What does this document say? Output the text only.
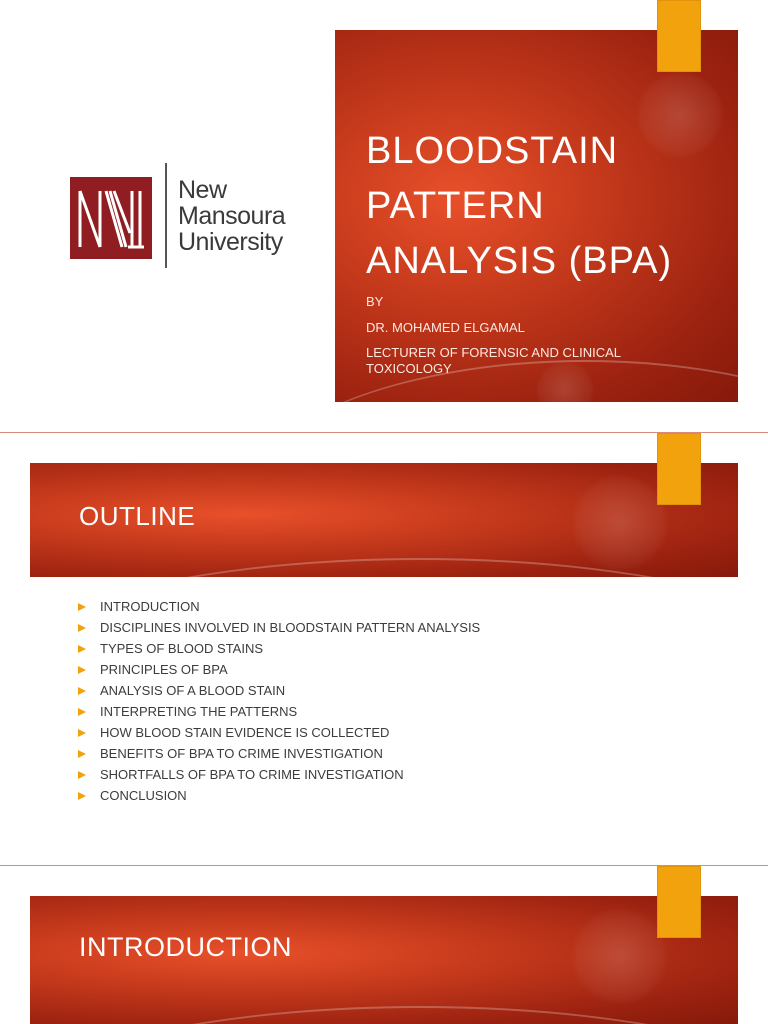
New
Mansoura
University
BLOODSTAIN
PATTERN
ANALYSIS (BPA)
BY
DR. MOHAMED ELGAMAL
LECTURER OF FORENSIC AND CLINICAL TOXICOLOGY
OUTLINE
INTRODUCTION
DISCIPLINES INVOLVED IN BLOODSTAIN PATTERN ANALYSIS
TYPES OF BLOOD STAINS
PRINCIPLES OF BPA
ANALYSIS OF A BLOOD STAIN
INTERPRETING THE PATTERNS
HOW BLOOD STAIN EVIDENCE IS COLLECTED
BENEFITS OF BPA TO CRIME INVESTIGATION
SHORTFALLS OF BPA TO CRIME INVESTIGATION
CONCLUSION
INTRODUCTION
